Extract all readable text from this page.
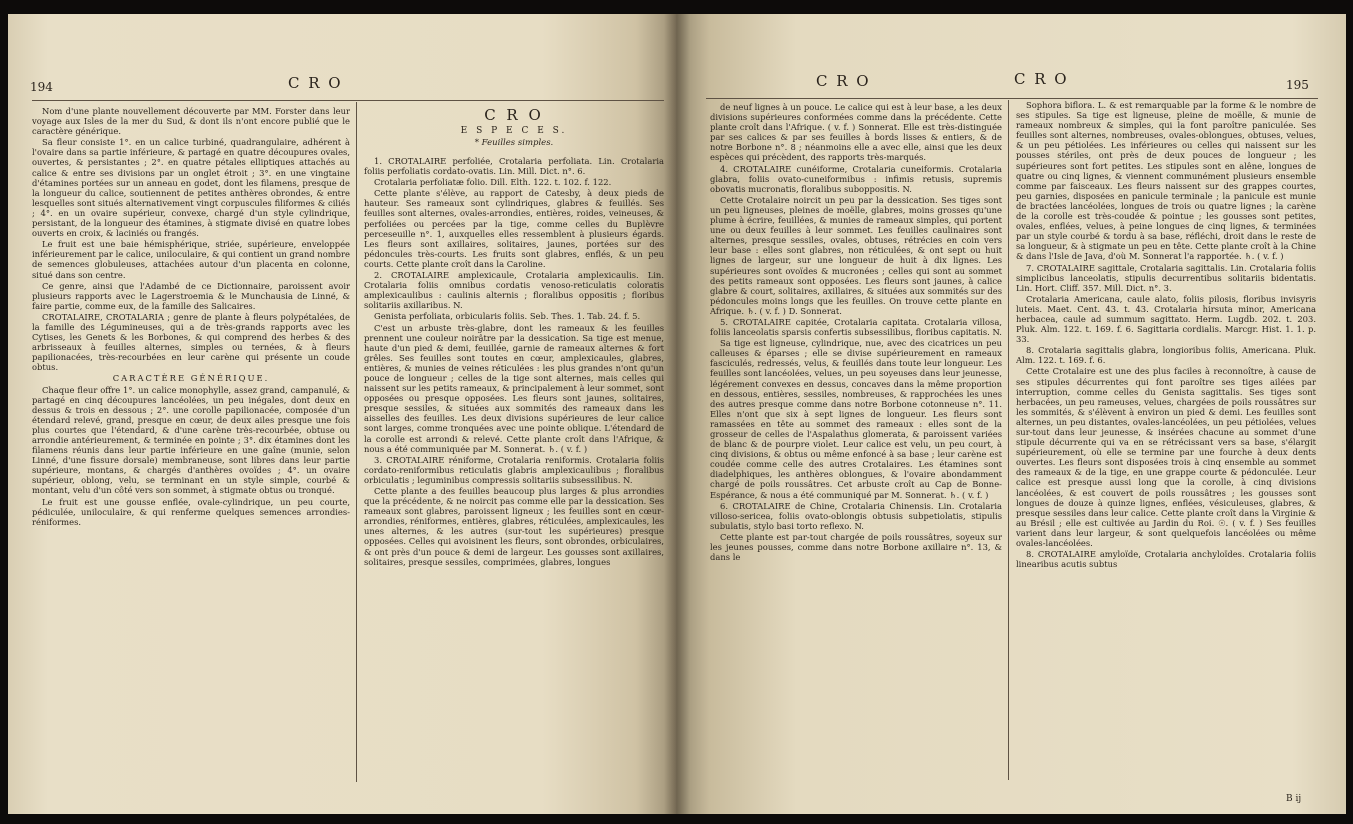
194	C R O

Nom d'une plante nouvellement découverte par MM. Forster dans leur voyage aux Isles de la mer du Sud, & dont ils n'ont encore publié que le caractère générique.

Sa fleur consiste 1°. en un calice turbiné, quadrangulaire, adhérent à l'ovaire dans sa partie inférieure, & partagé en quatre découpures ovales, ouvertes, & persistantes ; 2°. en quatre pétales elliptiques attachés au calice & entre ses divisions par un onglet étroit ; 3°. en une vingtaine d'étamines portées sur un anneau en godet, dont les filamens, presque de la longueur du calice, soutiennent de petites anthères obrondes, & entre lesquelles sont situés alternativement vingt corpuscules filiformes & ciliés ; 4°. en un ovaire supérieur, convexe, chargé d'un style cylindrique, persistant, de la longueur des étamines, à stigmate divisé en quatre lobes ouverts en croix, & laciniés ou frangés.

Le fruit est une baie hémisphérique, striée, supérieure, enveloppée inférieurement par le calice, uniloculaire, & qui contient un grand nombre de semences globuleuses, attachées autour d'un placenta en colonne, situé dans son centre.

Ce genre, ainsi que l'Adambé de ce Dictionnaire, paroissent avoir plusieurs rapports avec le Lagerstroemia & le Munchausia de Linné, & faire partie, comme eux, de la famille des Salicaires.

CROTALAIRE, CROTALARIA ; genre de plante à fleurs polypétalées, de la famille des Légumineuses, qui a de très-grands rapports avec les Cytises, les Genets & les Borbones, & qui comprend des herbes & des arbrisseaux à feuilles alternes, simples ou ternées, & à fleurs papilionacées, très-recourbées en leur carène qui présente un coude obtus.

CARACTÈRE GÉNÉRIQUE.

Chaque fleur offre 1°. un calice monophylle, assez grand, campanulé, & partagé en cinq découpures lancéolées, un peu inégales, dont deux en dessus & trois en dessous ; 2°. une corolle papilionacée, composée d'un étendard relevé, grand, presque en cœur, de deux ailes presque une fois plus courtes que l'étendard, & d'une carène très-recourbée, obtuse ou arrondie antérieurement, & terminée en pointe ; 3°. dix étamines dont les filamens réunis dans leur partie inférieure en une gaîne (munie, selon Linné, d'une fissure dorsale) membraneuse, sont libres dans leur partie supérieure, montans, & chargés d'anthères ovoïdes ; 4°. un ovaire supérieur, oblong, velu, se terminant en un style simple, courbé & montant, velu d'un côté vers son sommet, à stigmate obtus ou tronqué.

Le fruit est une gousse enflée, ovale-cylindrique, un peu courte, pédiculée, uniloculaire, & qui renferme quelques semences arrondies-réniformes.

C R O
E S P E C E S.
* Feuilles simples.

1. CROTALAIRE perfoliée, Crotalaria perfoliata. Lin. Crotalaria foliis perfoliatis cordato-ovatis. Lin. Mill. Dict. n°. 6.

Crotalaria perfoliatæ folio. Dill. Elth. 122. t. 102. f. 122.

Cette plante s'élève, au rapport de Catesby, à deux pieds de hauteur. Ses rameaux sont cylindriques, glabres & feuillés. Ses feuilles sont alternes, ovales-arrondies, entières, roides, veineuses, & perfoliées ou percées par la tige, comme celles du Buplèvre perceseuille n°. 1, auxquelles elles ressemblent à plusieurs égards. Les fleurs sont axillaires, solitaires, jaunes, portées sur des pédoncules très-courts. Les fruits sont glabres, enflés, & un peu courts. Cette plante croît dans la Caroline.

2. CROTALAIRE amplexicaule, Crotalaria amplexicaulis. Lin. Crotalaria foliis omnibus cordatis venoso-reticulatis coloratis amplexicaulibus : caulinis alternis ; floralibus oppositis ; floribus solitariis axillaribus. N.

Genista perfoliata, orbicularis foliis. Seb. Thes. 1. Tab. 24. f. 5.

C'est un arbuste très-glabre, dont les rameaux & les feuilles prennent une couleur noirâtre par la dessication. Sa tige est menue, haute d'un pied & demi, feuillée, garnie de rameaux alternes & fort grêles. Ses feuilles sont toutes en cœur, amplexicaules, glabres, entières, & munies de veines réticulées : les plus grandes n'ont qu'un pouce de longueur ; celles de la tige sont alternes, mais celles qui naissent sur les petits rameaux, & principalement à leur sommet, sont opposées ou presque opposées. Les fleurs sont jaunes, solitaires, presque sessiles, & situées aux sommités des rameaux dans les aisselles des feuilles. Les deux divisions supérieures de leur calice sont larges, comme tronquées avec une pointe oblique. L'étendard de la corolle est arrondi & relevé. Cette plante croît dans l'Afrique, & nous a été communiquée par M. Sonnerat. ♄. ( v. f. )

3. CROTALAIRE réniforme, Crotalaria reniformis. Crotalaria foliis cordato-reniformibus reticulatis glabris amplexicaulibus ; floralibus orbiculatis ; leguminibus compressis solitariis subsessilibus. N.

Cette plante a des feuilles beaucoup plus larges & plus arrondies que la précédente, & ne noircit pas comme elle par la dessication. Ses rameaux sont glabres, paroissent ligneux ; les feuilles sont en cœur-arrondies, réniformes, entières, glabres, réticulées, amplexicaules, les unes alternes, & les autres (sur-tout les supérieures) presque opposées. Celles qui avoisinent les fleurs, sont obrondes, orbiculaires, & ont près d'un pouce & demi de largeur. Les gousses sont axillaires, solitaires, presque sessiles, comprimées, glabres, longues

C R O	C R O	195

de neuf lignes à un pouce. Le calice qui est à leur base, a les deux divisions supérieures conformées comme dans la précédente. Cette plante croît dans l'Afrique. ( v. f. ) Sonnerat. Elle est très-distinguée par ses calices & par ses feuilles à bords lisses & entiers, & de notre Borbone n°. 8 ; néanmoins elle a avec elle, ainsi que les deux espèces qui précèdent, des rapports très-marqués.

4. CROTALAIRE cunéiforme, Crotalaria cuneiformis. Crotalaria glabra, foliis ovato-cuneiformibus : infimis retusis, supremis obovatis mucronatis, floralibus suboppositis. N.

Cette Crotalaire noircit un peu par la dessication. Ses tiges sont un peu ligneuses, pleines de moëlle, glabres, moins grosses qu'une plume à écrire, feuillées, & munies de rameaux simples, qui portent une ou deux feuilles à leur sommet. Les feuilles caulinaires sont alternes, presque sessiles, ovales, obtuses, rétrécies en coin vers leur base : elles sont glabres, non réticulées, & ont sept ou huit lignes de largeur, sur une longueur de huit à dix lignes. Les supérieures sont ovoïdes & mucronées ; celles qui sont au sommet des petits rameaux sont opposées. Les fleurs sont jaunes, à calice glabre & court, solitaires, axillaires, & situées aux sommités sur des pédoncules moins longs que les feuilles. On trouve cette plante en Afrique. ♄. ( v. f. ) D. Sonnerat.

5. CROTALAIRE capitée, Crotalaria capitata. Crotalaria villosa, foliis lanceolatis sparsis confertis subsessilibus, floribus capitatis. N.

Sa tige est ligneuse, cylindrique, nue, avec des cicatrices un peu calleuses & éparses ; elle se divise supérieurement en rameaux fasciculés, redressés, velus, & feuillés dans toute leur longueur. Les feuilles sont lancéolées, velues, un peu soyeuses dans leur jeunesse, légérement convexes en dessus, concaves dans la même proportion en dessous, entières, sessiles, nombreuses, & rapprochées les unes des autres presque comme dans notre Borbone cotonneuse n°. 11. Elles n'ont que six à sept lignes de longueur. Les fleurs sont ramassées en tête au sommet des rameaux : elles sont de la grosseur de celles de l'Aspalathus glomerata, & paroissent variées de blanc & de pourpre violet. Leur calice est velu, un peu court, à cinq divisions, & obtus ou même enfoncé à sa base ; leur carène est coudée comme celle des autres Crotalaires. Les étamines sont diadelphiques, les anthères oblongues, & l'ovaire abondamment chargé de poils roussâtres. Cet arbuste croît au Cap de Bonne-Espérance, & nous a été communiqué par M. Sonnerat. ♄. ( v. f. )

6. CROTALAIRE de Chine, Crotalaria Chinensis. Lin. Crotalaria villoso-sericea, foliis ovato-oblongis obtusis subpetiolatis, stipulis subulatis, stylo basi torto reflexo. N.

Cette plante est par-tout chargée de poils roussâtres, soyeux sur les jeunes pousses, comme dans notre Borbone axillaire n°. 13, & dans le

Sophora biflora. L. & est remarquable par la forme & le nombre de ses stipules. Sa tige est ligneuse, pleine de moëlle, & munie de rameaux nombreux & simples, qui la font paroître paniculée. Ses feuilles sont alternes, nombreuses, ovales-oblongues, obtuses, velues, & un peu pétiolées. Les inférieures ou celles qui naissent sur les pousses stériles, ont près de deux pouces de longueur ; les supérieures sont fort petites. Les stipules sont en alêne, longues de quatre ou cinq lignes, & viennent communément plusieurs ensemble comme par faisceaux. Les fleurs naissent sur des grappes courtes, peu garnies, disposées en panicule terminale ; la panicule est munie de bractées lancéolées, longues de trois ou quatre lignes ; la carène de la corolle est très-coudée & pointue ; les gousses sont petites, ovales, enflées, velues, à peine longues de cinq lignes, & terminées par un style courbé & tordu à sa base, réfléchi, droit dans le reste de sa longueur, & à stigmate un peu en tête. Cette plante croît à la Chine & dans l'Isle de Java, d'où M. Sonnerat l'a rapportée. ♄. ( v. f. )

7. CROTALAIRE sagittale, Crotalaria sagittalis. Lin. Crotalaria foliis simplicibus lanceolatis, stipulis decurrentibus solitariis bidentatis. Lin. Hort. Cliff. 357. Mill. Dict. n°. 3.

Crotalaria Americana, caule alato, foliis pilosis, floribus invisyris luteis. Maet. Cent. 43. t. 43. Crotalaria hirsuta minor, Americana herbacea, caule ad summum sagittato. Herm. Lugdb. 202. t. 203. Pluk. Alm. 122. t. 169. f. 6. Sagittaria cordialis. Marcgr. Hist. 1. 1. p. 33.

8. Crotalaria sagittalis glabra, longioribus foliis, Americana. Pluk. Alm. 122. t. 169. f. 6.

Cette Crotalaire est une des plus faciles à reconnoître, à cause de ses stipules décurrentes qui font paroître ses tiges ailées par interruption, comme celles du Genista sagittalis. Ses tiges sont herbacées, un peu rameuses, velues, chargées de poils roussâtres sur les sommités, & s'élèvent à environ un pied & demi. Les feuilles sont alternes, un peu distantes, ovales-lancéolées, un peu pétiolées, velues sur-tout dans leur jeunesse, & insérées chacune au sommet d'une stipule décurrente qui va en se rétrécissant vers sa base, s'élargit supérieurement, où elle se termine par une fourche à deux dents ouvertes. Les fleurs sont disposées trois à cinq ensemble au sommet des rameaux & de la tige, en une grappe courte & pédonculée. Leur calice est presque aussi long que la corolle, à cinq divisions lancéolées, & est couvert de poils roussâtres ; les gousses sont longues de douze à quinze lignes, enflées, vésiculeuses, glabres, & presque sessiles dans leur calice. Cette plante croît dans la Virginie & au Brésil ; elle est cultivée au Jardin du Roi. ☉. ( v. f. ) Ses feuilles varient dans leur largeur, & sont quelquefois lancéolées ou même ovales-lancéolées.

8. CROTALAIRE amyloïde, Crotalaria anchyloïdes. Crotalaria foliis linearibus acutis subtus

B ij
